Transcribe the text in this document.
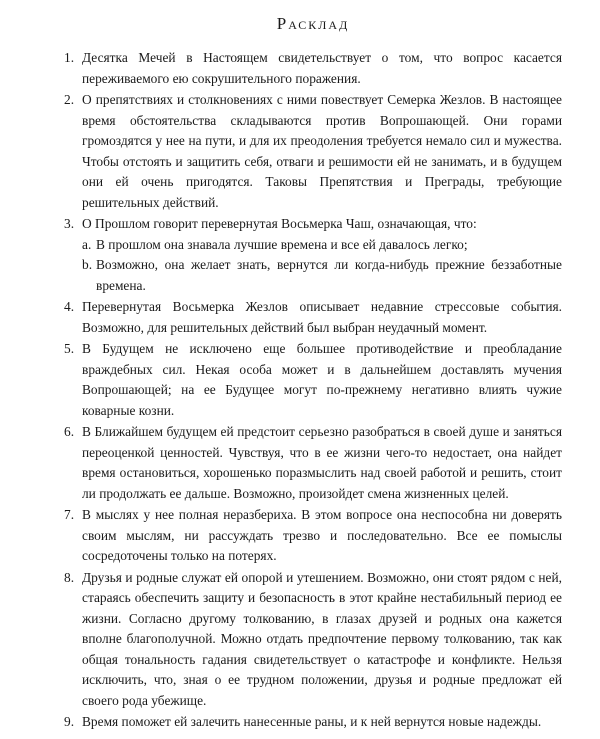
Расклад
1. Десятка Мечей в Настоящем свидетельствует о том, что вопрос касается переживаемого ею сокрушительного поражения.
2. О препятствиях и столкновениях с ними повествует Семерка Жезлов. В настоящее время обстоятельства складываются против Вопрошающей. Они горами громоздятся у нее на пути, и для их преодоления требуется немало сил и мужества. Чтобы отстоять и защитить себя, отваги и решимости ей не занимать, и в будущем они ей очень пригодятся. Таковы Препятствия и Преграды, требующие решительных действий.
3. О Прошлом говорит перевернутая Восьмерка Чаш, означающая, что:
а. В прошлом она знавала лучшие времена и все ей давалось легко;
b. Возможно, она желает знать, вернутся ли когда-нибудь прежние беззаботные времена.
4. Перевернутая Восьмерка Жезлов описывает недавние стрессовые события. Возможно, для решительных действий был выбран неудачный момент.
5. В Будущем не исключено еще большее противодействие и преобладание враждебных сил. Некая особа может и в дальнейшем доставлять мучения Вопрошающей; на ее Будущее могут по-прежнему негативно влиять чужие коварные козни.
6. В Ближайшем будущем ей предстоит серьезно разобраться в своей душе и заняться переоценкой ценностей. Чувствуя, что в ее жизни чего-то недостает, она найдет время остановиться, хорошенько поразмыслить над своей работой и решить, стоит ли продолжать ее дальше. Возможно, произойдет смена жизненных целей.
7. В мыслях у нее полная неразбериха. В этом вопросе она неспособна ни доверять своим мыслям, ни рассуждать трезво и последовательно. Все ее помыслы сосредоточены только на потерях.
8. Друзья и родные служат ей опорой и утешением. Возможно, они стоят рядом с ней, стараясь обеспечить защиту и безопасность в этот крайне нестабильный период ее жизни. Согласно другому толкованию, в глазах друзей и родных она кажется вполне благополучной. Можно отдать предпочтение первому толкованию, так как общая тональность гадания свидетельствует о катастрофе и конфликте. Нельзя исключить, что, зная о ее трудном положении, друзья и родные предложат ей своего рода убежище.
9. Время поможет ей залечить нанесенные раны, и к ней вернутся новые надежды.
